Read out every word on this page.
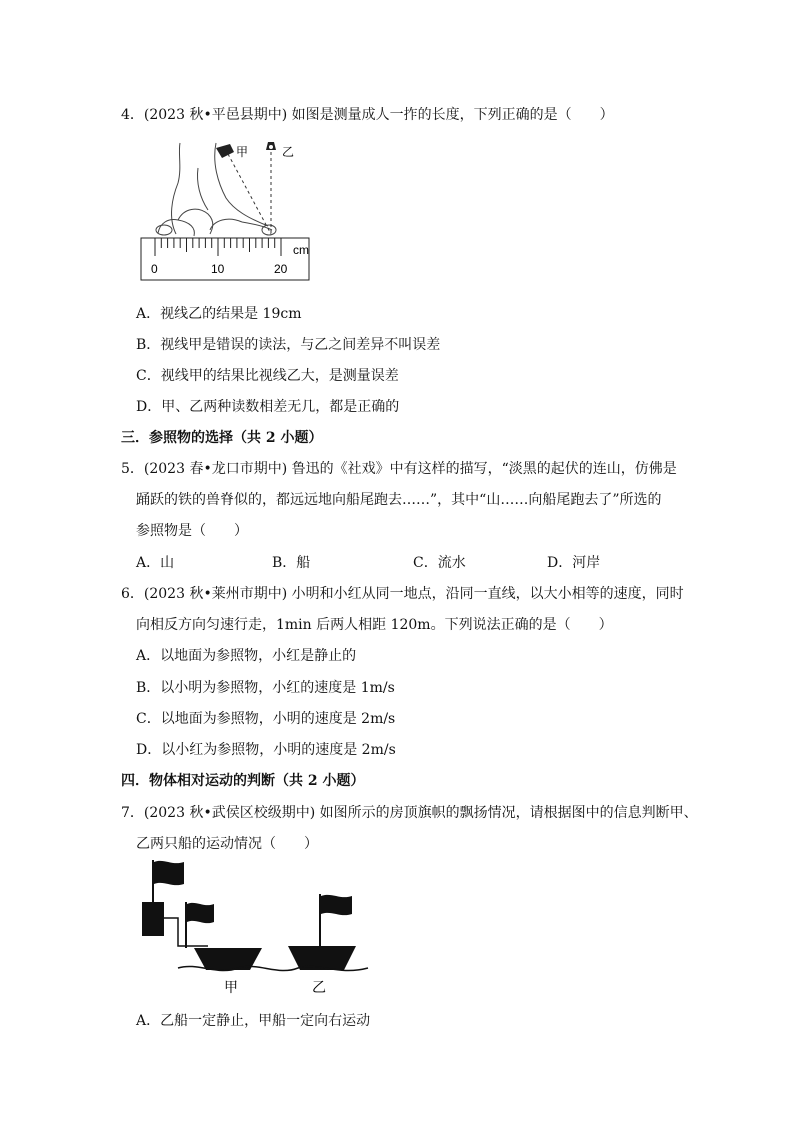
4．(2023 秋•平邑县期中) 如图是测量成人一拃的长度，下列正确的是（　　）
甲	乙
0	10	20
cm
A．视线乙的结果是 19cm
B．视线甲是错误的读法，与乙之间差异不叫误差
C．视线甲的结果比视线乙大，是测量误差
D．甲、乙两种读数相差无几，都是正确的
三．参照物的选择（共 2 小题）
5．(2023 春•龙口市期中) 鲁迅的《社戏》中有这样的描写，“淡黑的起伏的连山，仿佛是
踊跃的铁的兽脊似的，都远远地向船尾跑去……”，其中“山……向船尾跑去了”所选的
参照物是（　　）
A．山	B．船	C．流水	D．河岸
6．(2023 秋•莱州市期中) 小明和小红从同一地点，沿同一直线，以大小相等的速度，同时
向相反方向匀速行走，1min 后两人相距 120m。下列说法正确的是（　　）
A．以地面为参照物，小红是静止的
B．以小明为参照物，小红的速度是 1m/s
C．以地面为参照物，小明的速度是 2m/s
D．以小红为参照物，小明的速度是 2m/s
四．物体相对运动的判断（共 2 小题）
7．(2023 秋•武侯区校级期中) 如图所示的房顶旗帜的飘扬情况，请根据图中的信息判断甲、
乙两只船的运动情况（　　）
甲	乙
A．乙船一定静止，甲船一定向右运动
